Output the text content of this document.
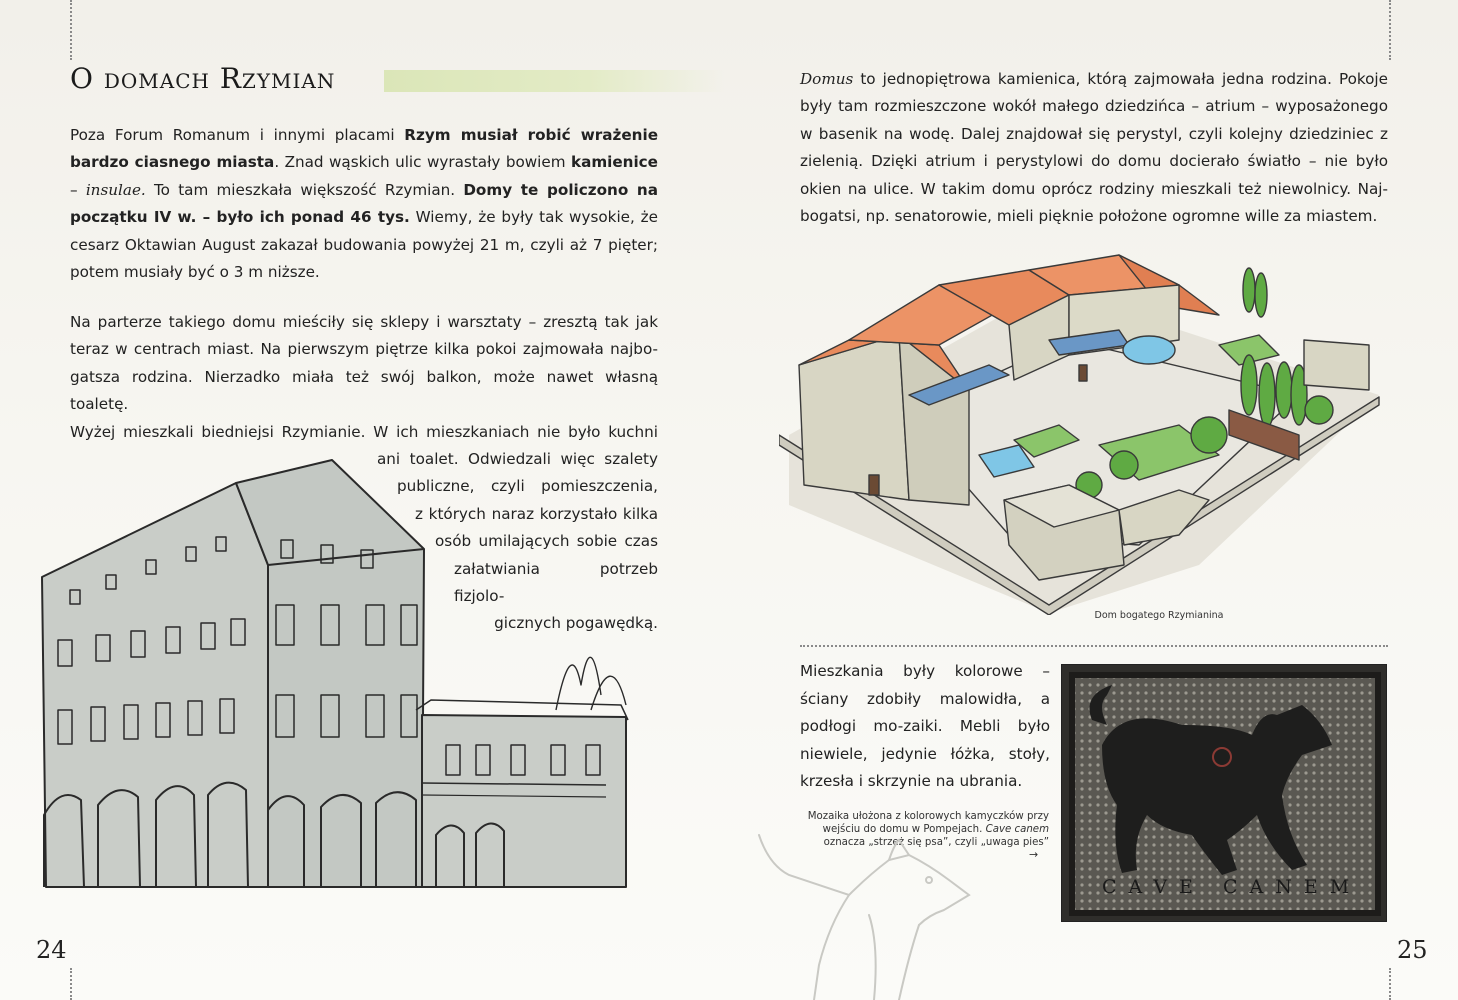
O domach Rzymian

Poza Forum Romanum i innymi placami Rzym musiał robić wrażenie bardzo ciasnego miasta. Znad wąskich ulic wyrastały bowiem kamienice – insulae. To tam mieszkała większość Rzymian. Domy te policzono na początku IV w. – było ich ponad 46 tys. Wiemy, że były tak wysokie, że cesarz Oktawian August zakazał budowania powyżej 21 m, czyli aż 7 pięter; potem musiały być o 3 m niższe.

Na parterze takiego domu mieściły się sklepy i warsztaty – zresztą tak jak
teraz w centrach miast. Na pierwszym piętrze kilka pokoi zajmowała najbo-
gatsza rodzina. Nierzadko miała też swój balkon, może nawet własną toaletę.
Wyżej mieszkali biedniejsi Rzymianie. W ich mieszkaniach nie było kuchni
ani toalet. Odwiedzali więc szalety
publiczne, czyli pomieszczenia,
z których naraz korzystało kilka
osób umilających sobie czas
załatwiania potrzeb fizjolo-
gicznych pogawędką.
24

Domus to jednopiętrowa kamienica, którą zajmowała jedna rodzina. Pokoje były tam rozmieszczone wokół małego dziedzińca – atrium – wyposażonego w basenik na wodę. Dalej znajdował się perystyl, czyli kolejny dziedziniec z zielenią. Dzięki atrium i perystylowi do domu docierało światło – nie było okien na ulice. W takim domu oprócz rodziny mieszkali też niewolnicy. Naj-bogatsi, np. senatorowie, mieli pięknie położone ogromne wille za miastem.

Dom bogatego Rzymianina

Mieszkania były kolorowe – ściany zdobiły malowidła, a podłogi mo-zaiki. Mebli było niewiele, jedynie łóżka, stoły, krzesła i skrzynie na ubrania.

CAVE CANEM

Mozaika ułożona z kolorowych kamyczków przy wejściu do domu w Pompejach. Cave canem oznacza „strzeż się psa”, czyli „uwaga pies”

→
25
